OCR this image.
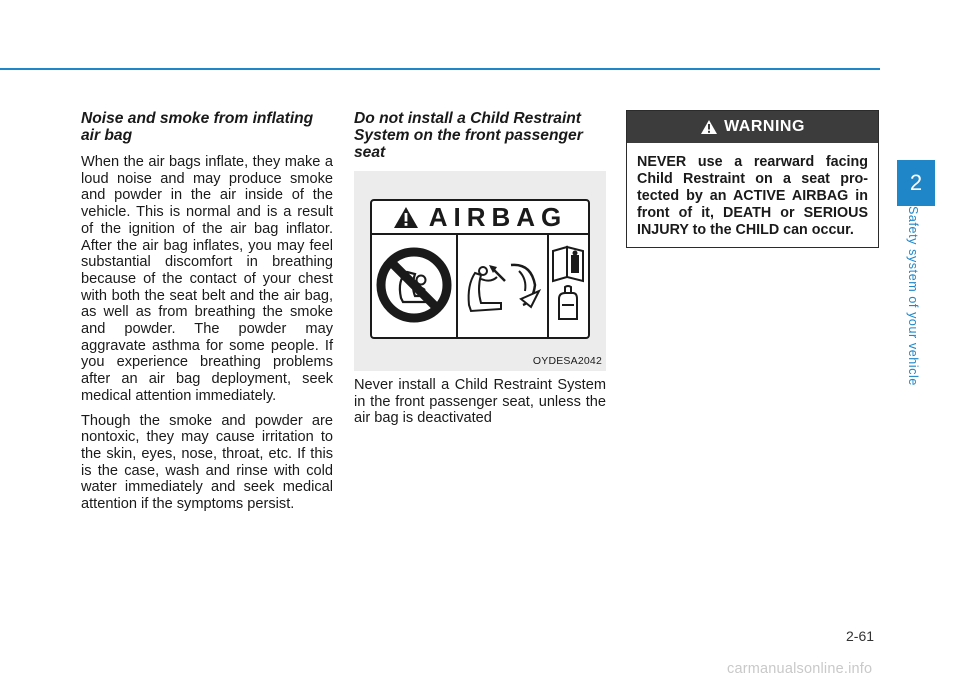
Noise and smoke from inflating air bag

When the air bags inflate, they make a loud noise and may produce smoke and powder in the air inside of the vehicle. This is normal and is a result of the ignition of the air bag inflator. After the air bag inflates, you may feel substantial discomfort in breathing because of the contact of your chest with both the seat belt and the air bag, as well as from breathing the smoke and powder. The powder may aggravate asthma for some people. If you experience breathing problems after an air bag deployment, seek medical attention immediately.

Though the smoke and powder are nontoxic, they may cause irritation to the skin, eyes, nose, throat, etc. If this is the case, wash and rinse with cold water immediately and seek medical attention if the symptoms persist.

Do not install a Child Restraint System on the front passenger seat

AIRBAG
OYDESA2042

Never install a Child Restraint System in the front passenger seat, unless the air bag is deactivated

WARNING
NEVER use a rearward facing Child Restraint on a seat pro-tected by an ACTIVE AIRBAG in front of it, DEATH or SERIOUS INJURY to the CHILD can occur.
2
Safety system of your vehicle
2-61
carmanualsonline.info
